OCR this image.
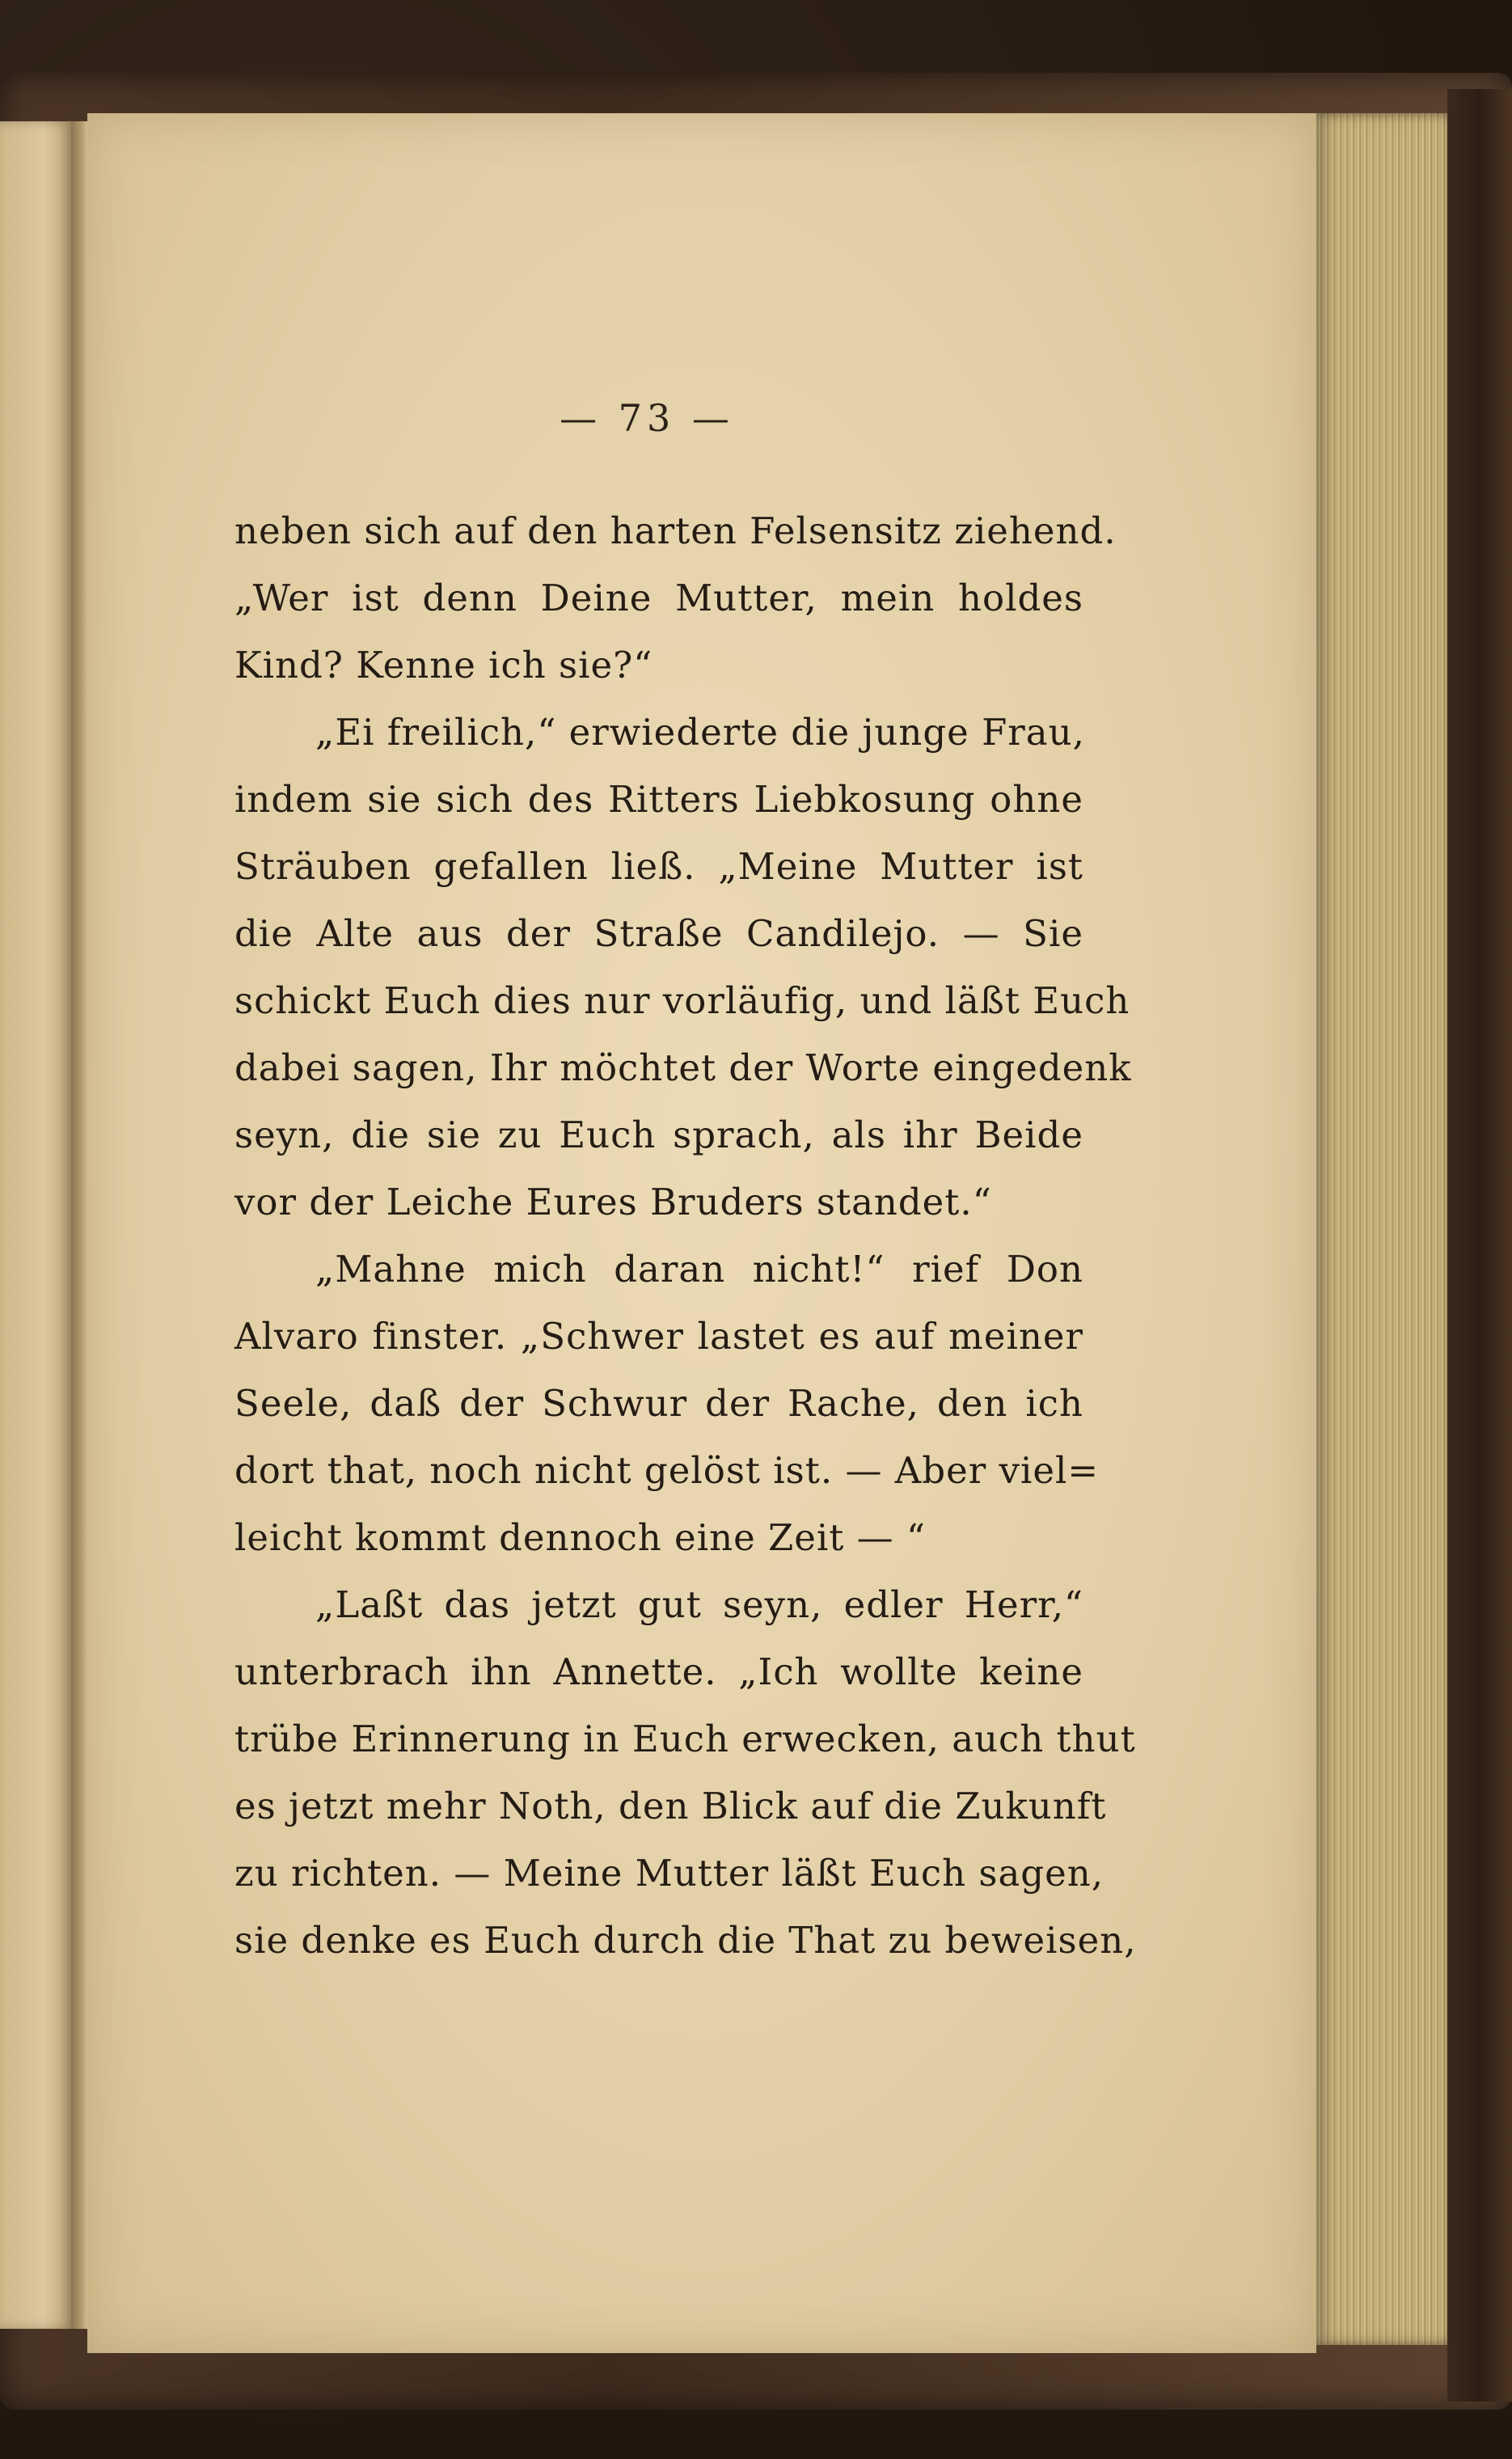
— 73 —
neben sich auf den harten Felsensitz ziehend.
„Wer ist denn Deine Mutter, mein holdes
Kind? Kenne ich sie?“
„Ei freilich,“ erwiederte die junge Frau,
indem sie sich des Ritters Liebkosung ohne
Sträuben gefallen ließ. „Meine Mutter ist
die Alte aus der Straße Candilejo. — Sie
schickt Euch dies nur vorläufig, und läßt Euch
dabei sagen, Ihr möchtet der Worte eingedenk
seyn, die sie zu Euch sprach, als ihr Beide
vor der Leiche Eures Bruders standet.“
„Mahne mich daran nicht!“ rief Don
Alvaro finster. „Schwer lastet es auf meiner
Seele, daß der Schwur der Rache, den ich
dort that, noch nicht gelöst ist. — Aber viel=
leicht kommt dennoch eine Zeit — “
„Laßt das jetzt gut seyn, edler Herr,“
unterbrach ihn Annette. „Ich wollte keine
trübe Erinnerung in Euch erwecken, auch thut
es jetzt mehr Noth, den Blick auf die Zukunft
zu richten. — Meine Mutter läßt Euch sagen,
sie denke es Euch durch die That zu beweisen,
